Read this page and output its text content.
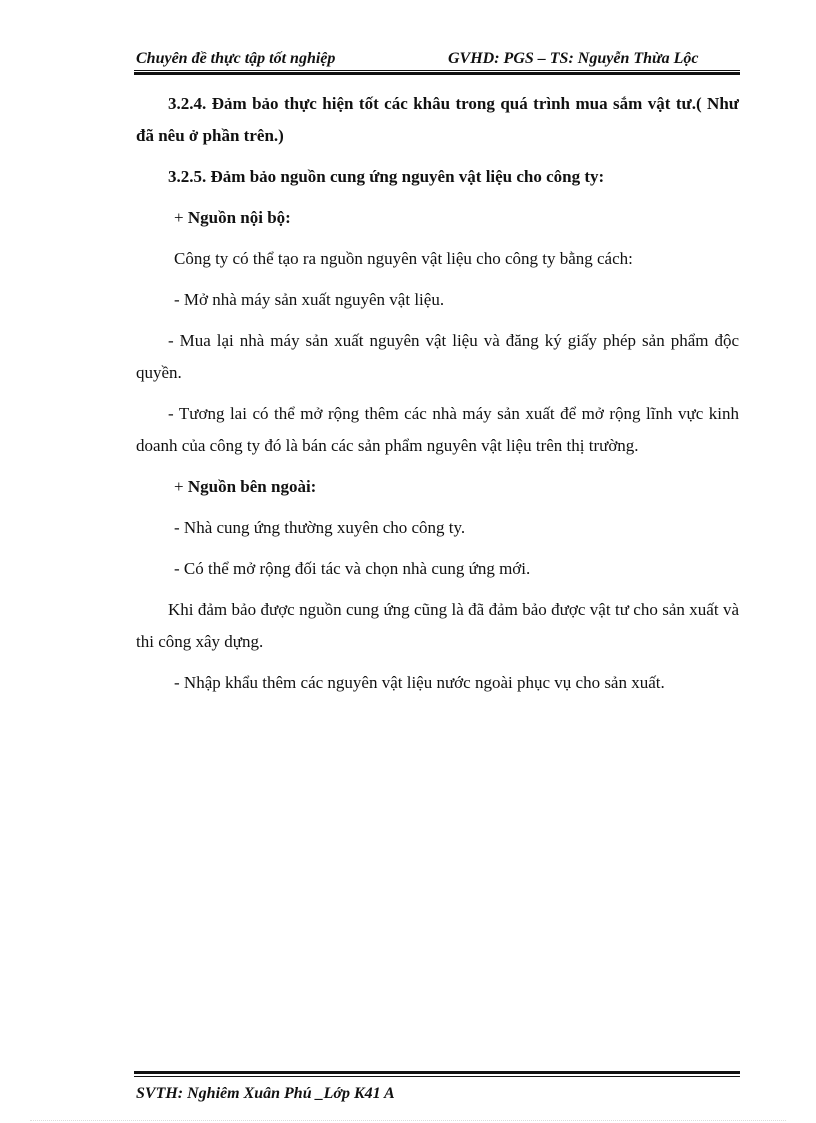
Chuyên đề thực tập tốt nghiệp	GVHD: PGS – TS: Nguyễn Thừa Lộc

3.2.4. Đảm bảo thực hiện tốt các khâu trong quá trình mua sắm vật tư.( Như đã nêu ở phần trên.)

3.2.5. Đảm bảo nguồn cung ứng nguyên vật liệu cho công ty:

+ Nguồn nội bộ:

Công ty có thể tạo ra nguồn nguyên vật liệu cho công ty bằng cách:

- Mở nhà máy sản xuất nguyên vật liệu.

- Mua lại nhà máy sản xuất nguyên vật liệu và đăng ký giấy phép sản phẩm độc quyền.

- Tương lai có thể mở rộng thêm các nhà máy sản xuất để mở rộng lĩnh vực kinh doanh của công ty đó là bán các sản phẩm nguyên vật liệu trên thị trường.

+ Nguồn bên ngoài:

- Nhà cung ứng thường xuyên cho công ty.

- Có thể mở rộng đối tác và chọn nhà cung ứng mới.

Khi đảm bảo được nguồn cung ứng cũng là đã đảm bảo được vật tư cho sản xuất và thi công xây dựng.

- Nhập khẩu thêm các nguyên vật liệu nước ngoài phục vụ cho sản xuất.

SVTH: Nghiêm Xuân Phú _Lớp K41 A
